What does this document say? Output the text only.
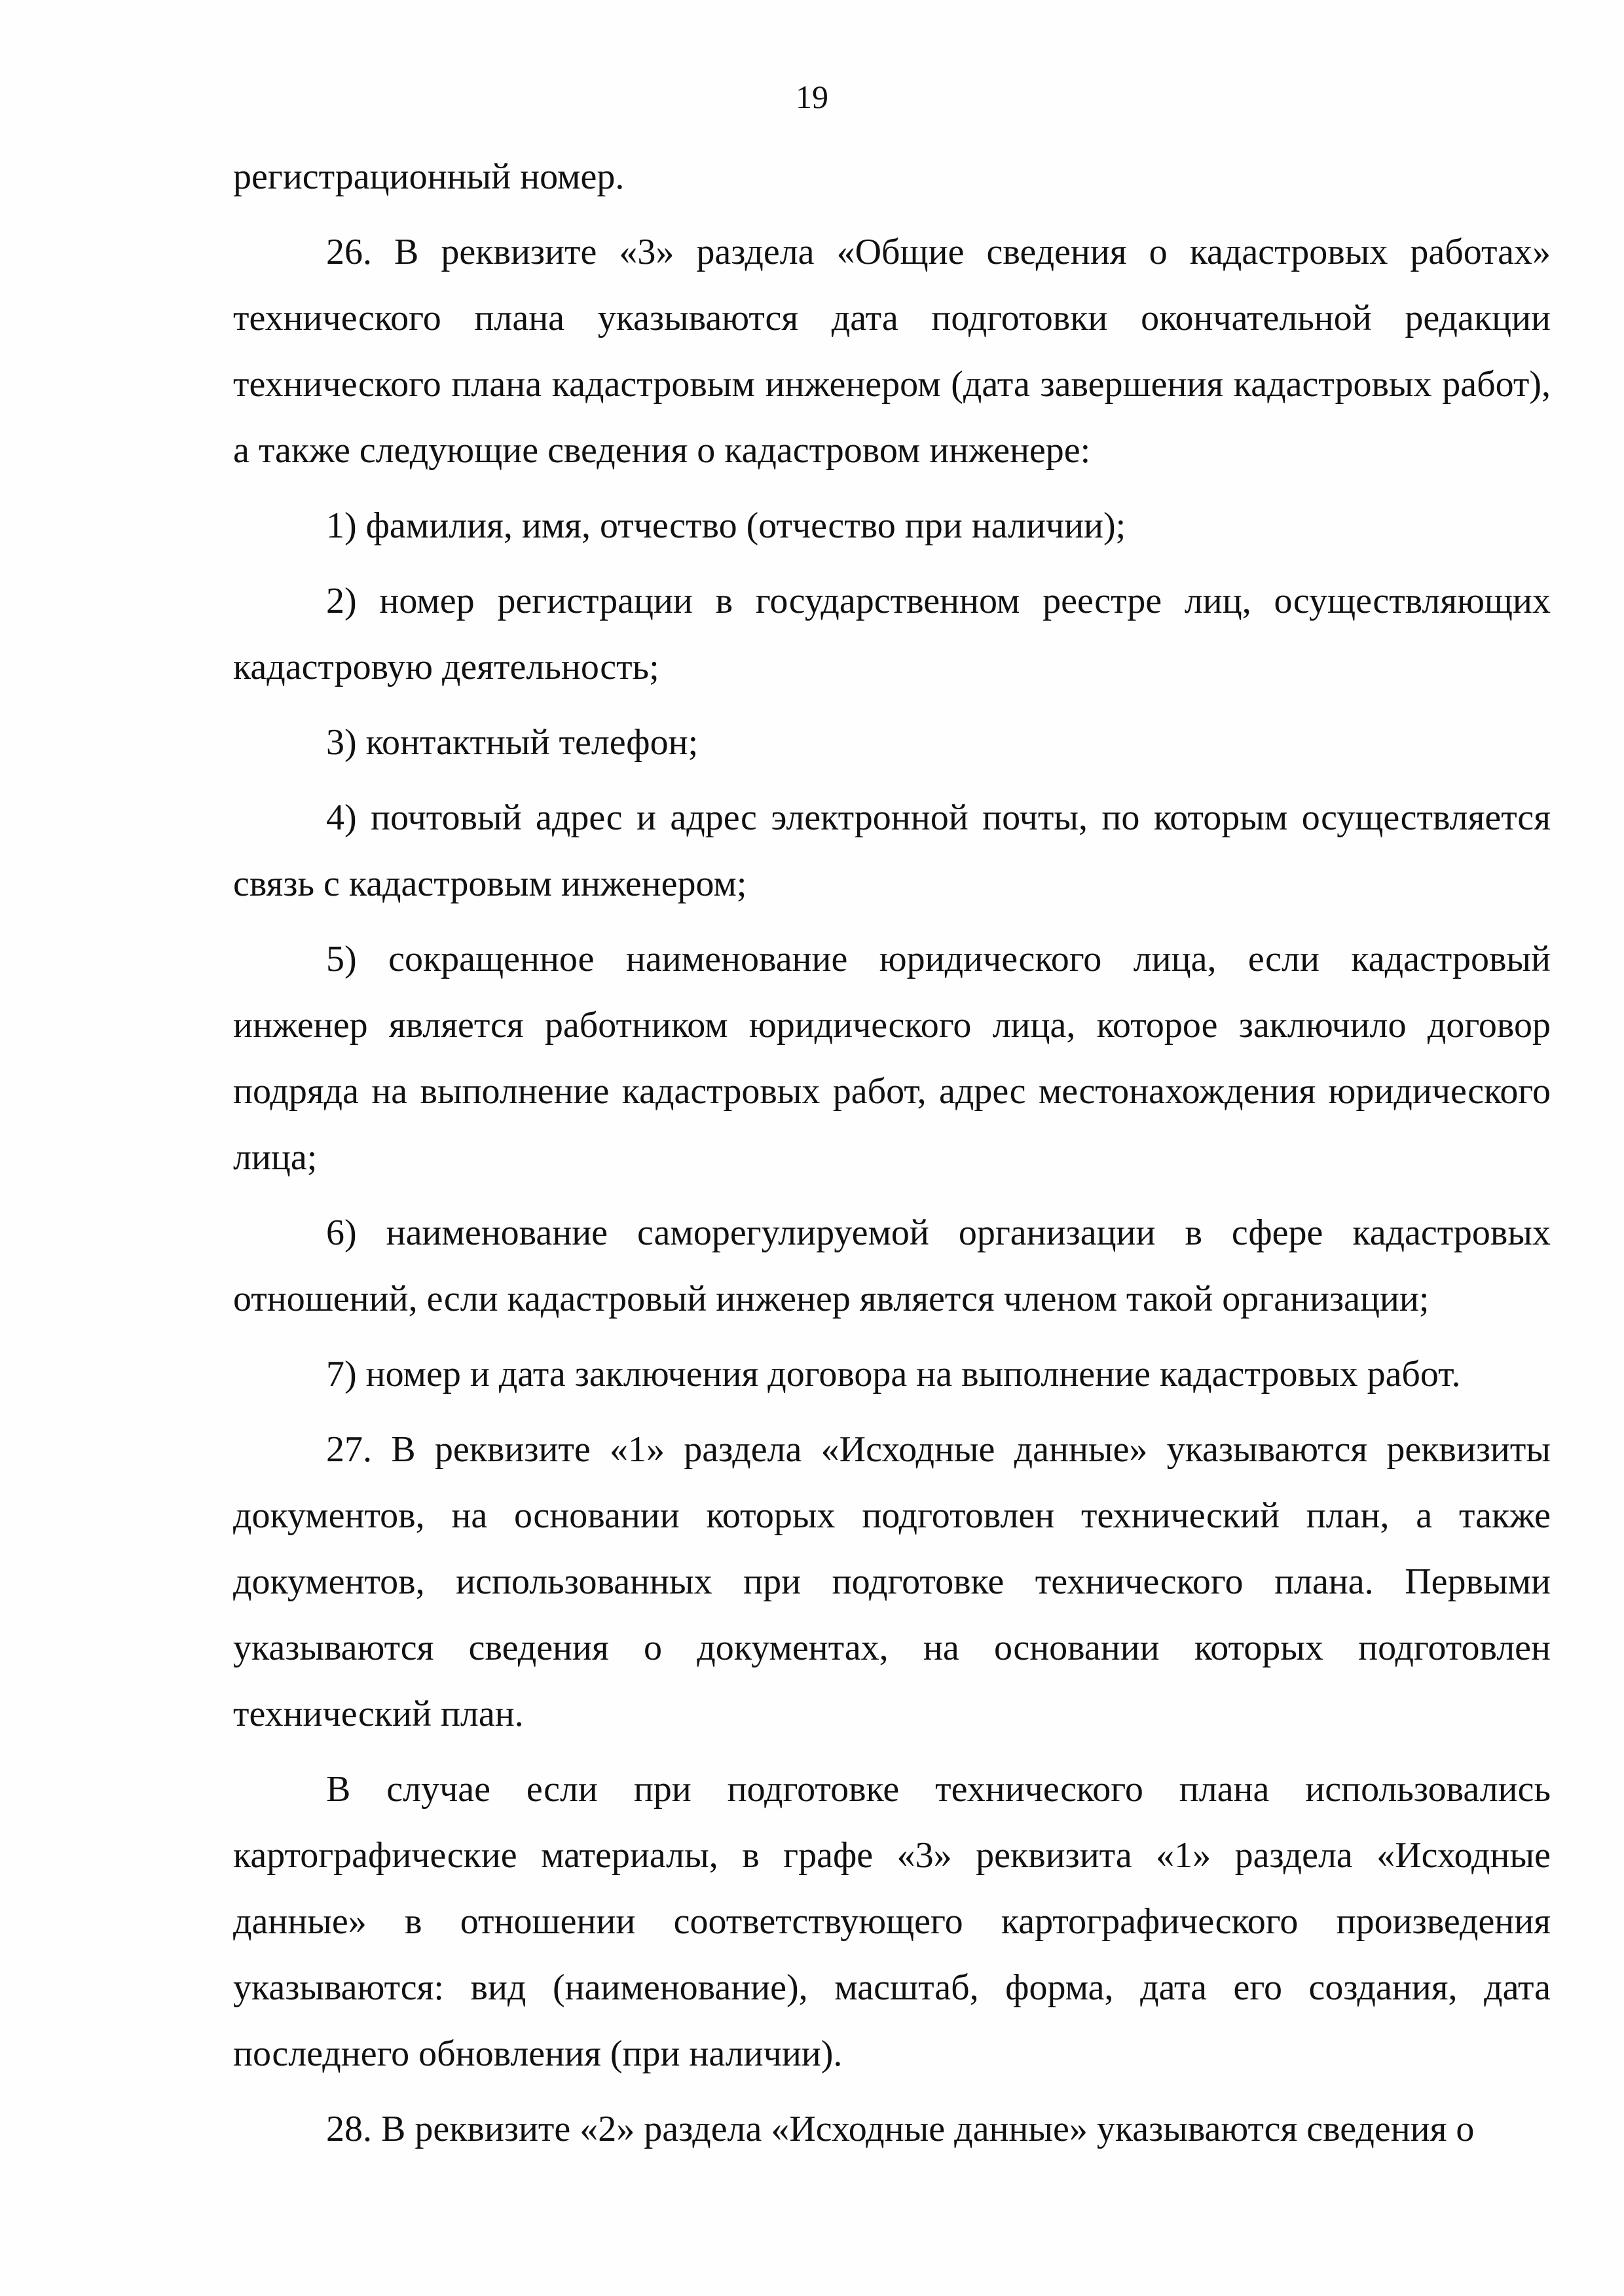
19

регистрационный номер.

26. В реквизите «3» раздела «Общие сведения о кадастровых работах» технического плана указываются дата подготовки окончательной редакции технического плана кадастровым инженером (дата завершения кадастровых работ), а также следующие сведения о кадастровом инженере:

1) фамилия, имя, отчество (отчество при наличии);

2) номер регистрации в государственном реестре лиц, осуществляющих кадастровую деятельность;

3) контактный телефон;

4) почтовый адрес и адрес электронной почты, по которым осуществляется связь с кадастровым инженером;

5) сокращенное наименование юридического лица, если кадастровый инженер является работником юридического лица, которое заключило договор подряда на выполнение кадастровых работ, адрес местонахождения юридического лица;

6) наименование саморегулируемой организации в сфере кадастровых отношений, если кадастровый инженер является членом такой организации;

7) номер и дата заключения договора на выполнение кадастровых работ.

27. В реквизите «1» раздела «Исходные данные» указываются реквизиты документов, на основании которых подготовлен технический план, а также документов, использованных при подготовке технического плана. Первыми указываются сведения о документах, на основании которых подготовлен технический план.

В случае если при подготовке технического плана использовались картографические материалы, в графе «3» реквизита «1» раздела «Исходные данные» в отношении соответствующего картографического произведения указываются: вид (наименование), масштаб, форма, дата его создания, дата последнего обновления (при наличии).

28. В реквизите «2» раздела «Исходные данные» указываются сведения о
